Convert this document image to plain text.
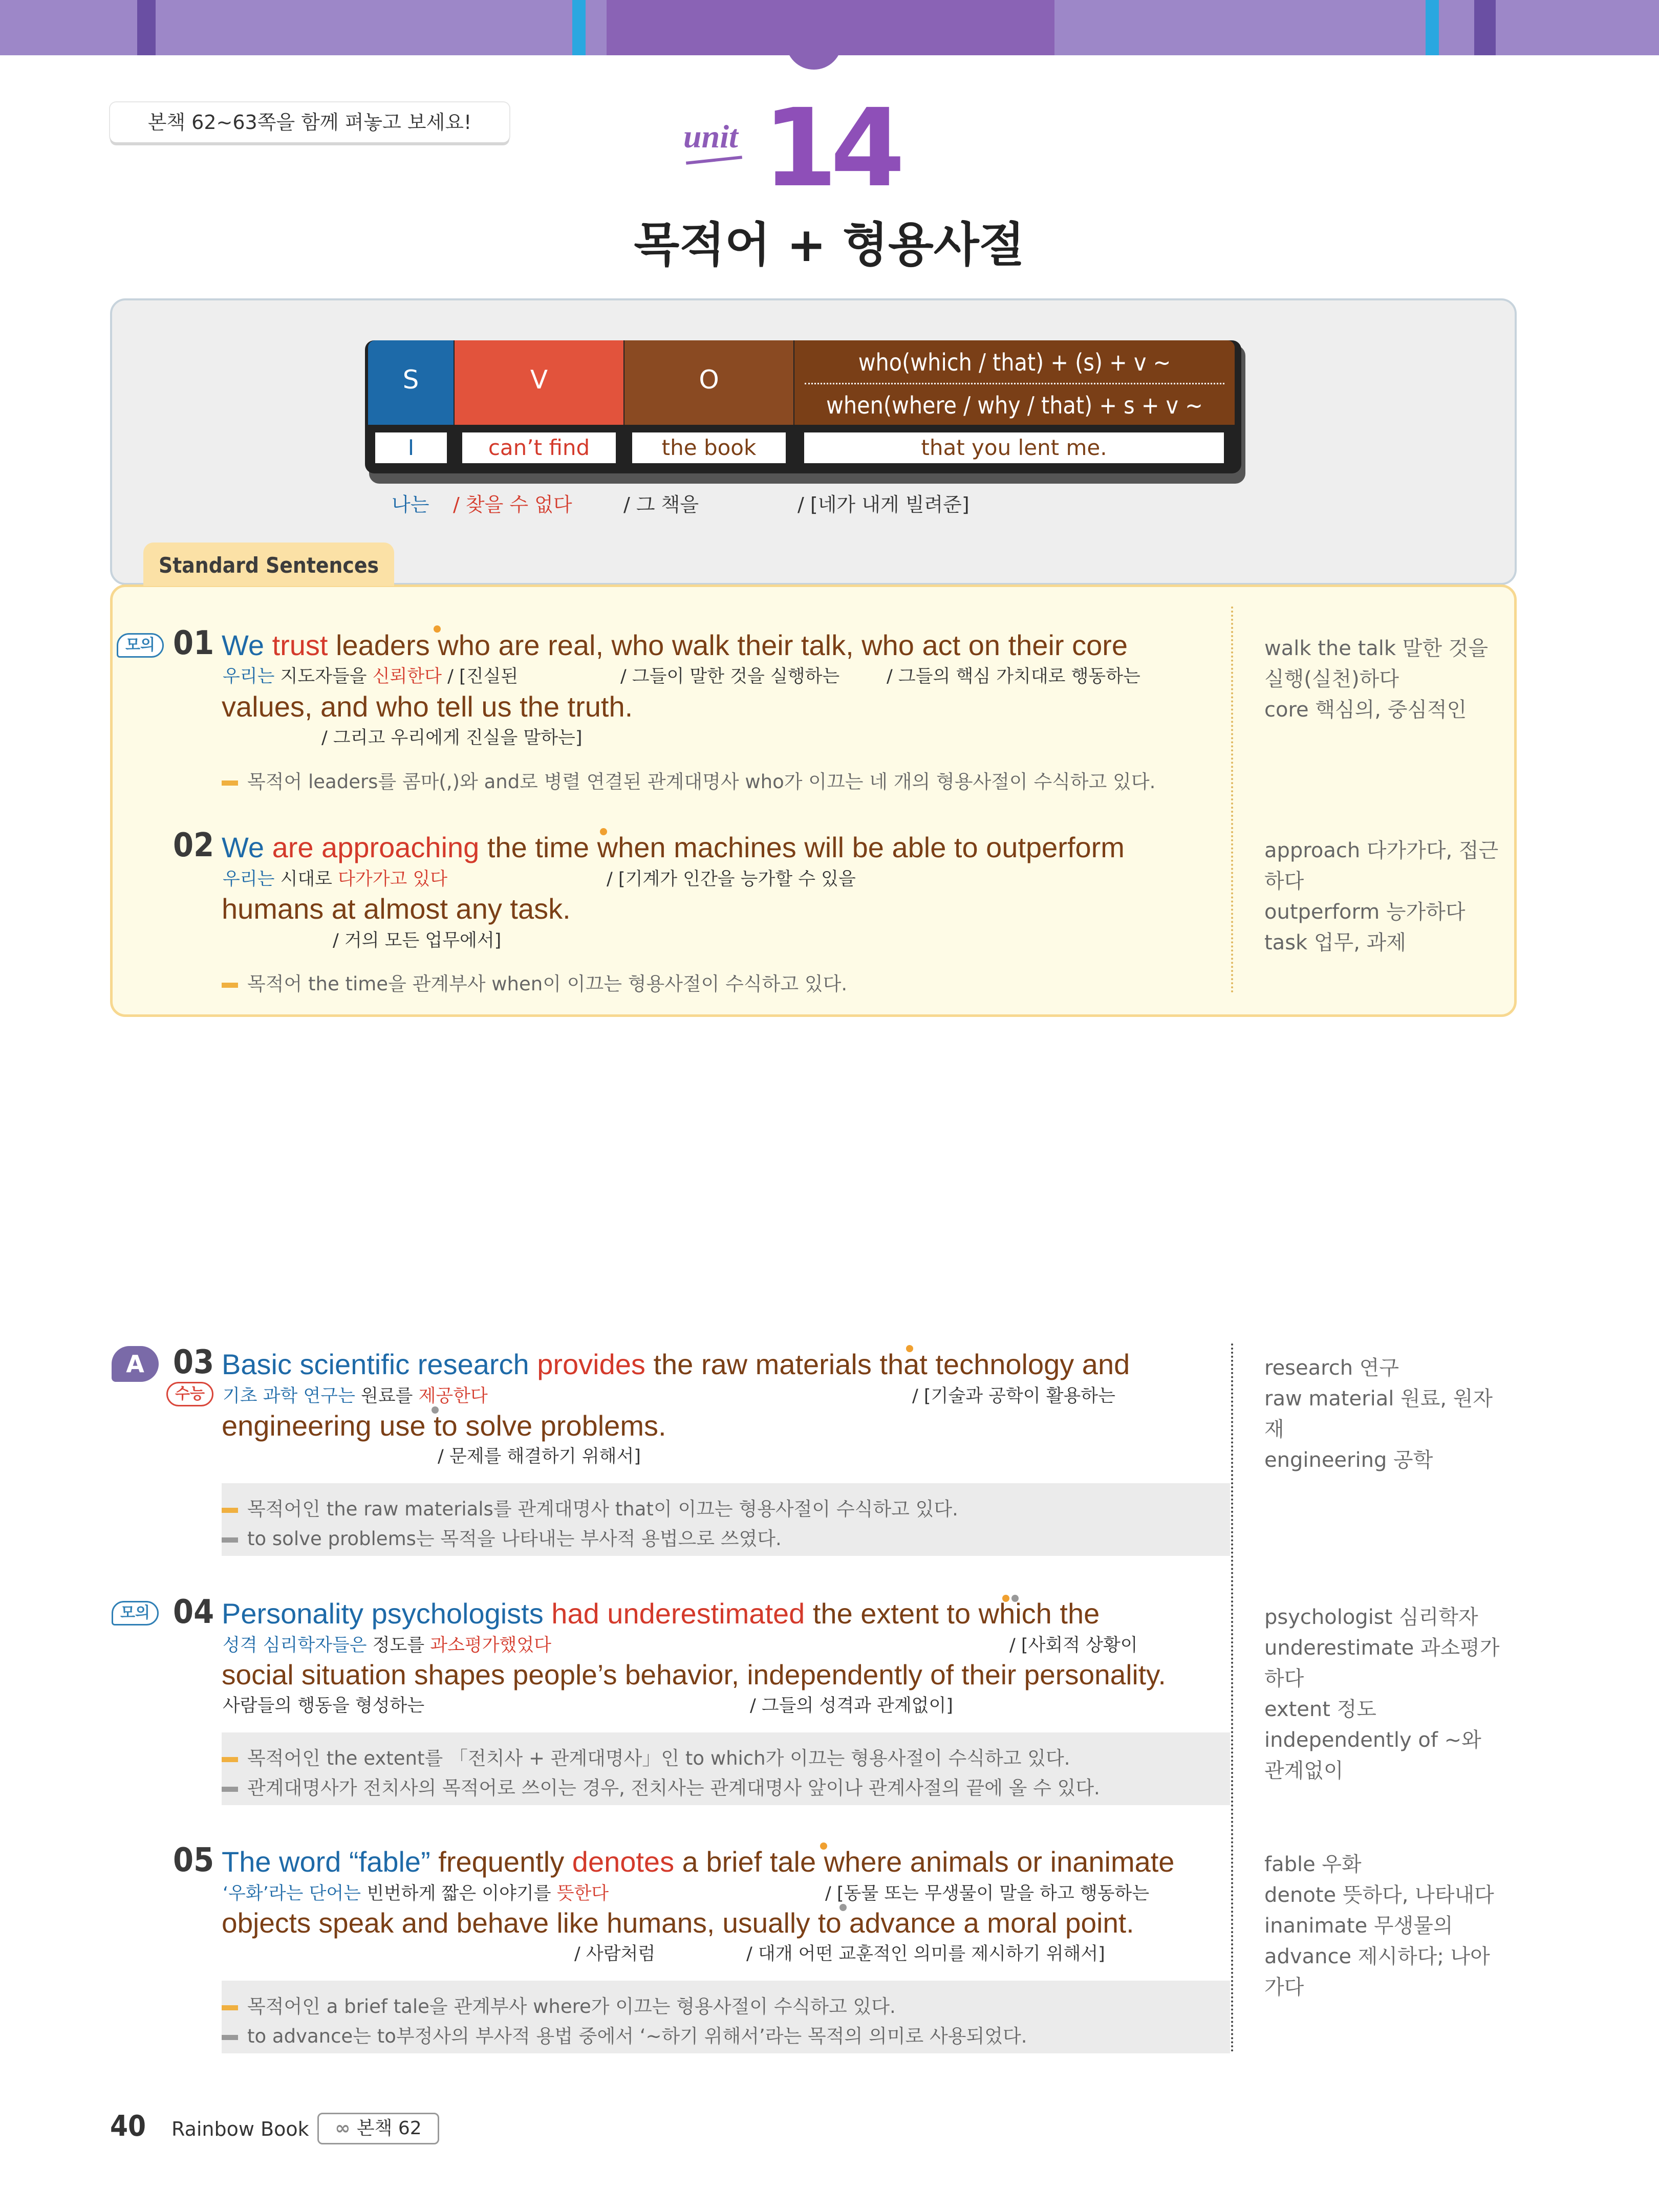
본책 62~63쪽을 함께 펴놓고 보세요!	unit 14
목적어 + 형용사절
S	V	O
who(which / that) + (s) + v ~
when(where / why / that) + s + v ~
I	can’t find	the book	that you lent me.
나는 / 찾을 수 없다	/ 그 책을	/ [네가 내게 빌려준]
Standard Sentences
모의 01 We trust leaders who are real, who walk their talk, who act on their core
우리는 지도자들을 신뢰한다 / [진실된	/ 그들이 말한 것을 실행하는	/ 그들의 핵심 가치대로 행동하는
values, and who tell us the truth.
/ 그리고 우리에게 진실을 말하는]
목적어 leaders를 콤마(,)와 and로 병렬 연결된 관계대명사 who가 이끄는 네 개의 형용사절이 수식하고 있다.
walk the talk 말한 것을 실행(실천)하다
core 핵심의, 중심적인
02 We are approaching the time when machines will be able to outperform
우리는 시대로 다가가고 있다	/ [기계가 인간을 능가할 수 있을
humans at almost any task.
/ 거의 모든 업무에서]
목적어 the time을 관계부사 when이 이끄는 형용사절이 수식하고 있다.
approach 다가가다, 접근하다
outperform 능가하다
task 업무, 과제
A
수능
03 Basic scientific research provides the raw materials that technology and
기초 과학 연구는 원료를 제공한다	/ [기술과 공학이 활용하는
engineering use to solve problems.
/ 문제를 해결하기 위해서]
목적어인 the raw materials를 관계대명사 that이 이끄는 형용사절이 수식하고 있다.
to solve problems는 목적을 나타내는 부사적 용법으로 쓰였다.
research 연구
raw material 원료, 원자재
engineering 공학
모의 04 Personality psychologists had underestimated the extent to which the
성격 심리학자들은 정도를 과소평가했었다	/ [사회적 상황이
social situation shapes people’s behavior, independently of their personality.
사람들의 행동을 형성하는	/ 그들의 성격과 관계없이]
목적어인 the extent를 「전치사 + 관계대명사」인 to which가 이끄는 형용사절이 수식하고 있다.
관계대명사가 전치사의 목적어로 쓰이는 경우, 전치사는 관계대명사 앞이나 관계사절의 끝에 올 수 있다.
psychologist 심리학자
underestimate 과소평가하다
extent 정도
independently of ~와 관계없이
05 The word “fable” frequently denotes a brief tale where animals or inanimate
‘우화’라는 단어는 빈번하게 짧은 이야기를 뜻한다	/ [동물 또는 무생물이 말을 하고 행동하는
objects speak and behave like humans, usually to advance a moral point.
/ 사람처럼	/ 대개 어떤 교훈적인 의미를 제시하기 위해서]
목적어인 a brief tale을 관계부사 where가 이끄는 형용사절이 수식하고 있다.
to advance는 to부정사의 부사적 용법 중에서 ‘~하기 위해서’라는 목적의 의미로 사용되었다.
fable 우화
denote 뜻하다, 나타내다
inanimate 무생물의
advance 제시하다; 나아가다
40 Rainbow Book	∞ 본책 62
